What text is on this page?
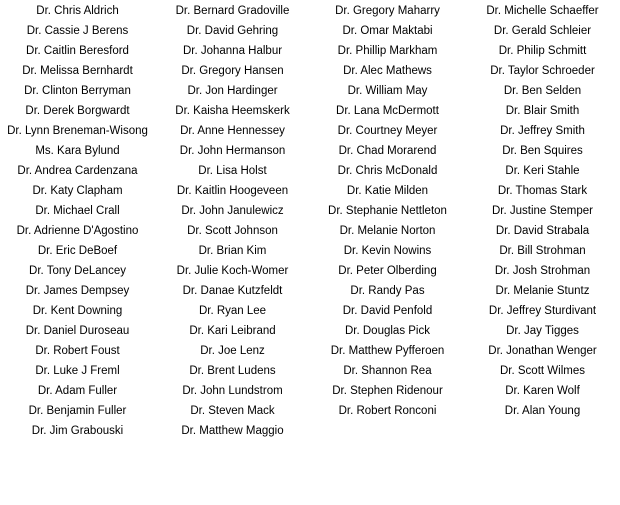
Dr. Chris Aldrich
Dr. Cassie J Berens
Dr. Caitlin Beresford
Dr. Melissa Bernhardt
Dr. Clinton Berryman
Dr. Derek Borgwardt
Dr. Lynn Breneman-Wisong
Ms. Kara Bylund
Dr. Andrea Cardenzana
Dr. Katy Clapham
Dr. Michael Crall
Dr. Adrienne D'Agostino
Dr. Eric DeBoef
Dr. Tony DeLancey
Dr. James Dempsey
Dr. Kent Downing
Dr. Daniel Duroseau
Dr. Robert Foust
Dr. Luke J Freml
Dr. Adam Fuller
Dr. Benjamin Fuller
Dr. Jim Grabouski
Dr. Bernard Gradoville
Dr. David Gehring
Dr. Johanna Halbur
Dr. Gregory Hansen
Dr. Jon Hardinger
Dr. Kaisha Heemskerk
Dr. Anne Hennessey
Dr. John Hermanson
Dr. Lisa Holst
Dr. Kaitlin Hoogeveen
Dr. John Janulewicz
Dr. Scott Johnson
Dr. Brian Kim
Dr. Julie Koch-Womer
Dr. Danae Kutzfeldt
Dr. Ryan Lee
Dr. Kari Leibrand
Dr. Joe Lenz
Dr. Brent Ludens
Dr. John Lundstrom
Dr. Steven Mack
Dr. Matthew Maggio
Dr. Gregory Maharry
Dr. Omar Maktabi
Dr. Phillip Markham
Dr. Alec Mathews
Dr. William May
Dr. Lana McDermott
Dr. Courtney Meyer
Dr. Chad Morarend
Dr. Chris McDonald
Dr. Katie Milden
Dr. Stephanie Nettleton
Dr. Melanie Norton
Dr. Kevin Nowins
Dr. Peter Olberding
Dr. Randy Pas
Dr. David Penfold
Dr. Douglas Pick
Dr. Matthew Pyfferoen
Dr. Shannon Rea
Dr. Stephen Ridenour
Dr. Robert Ronconi
Dr. Michelle Schaeffer
Dr. Gerald Schleier
Dr. Philip Schmitt
Dr. Taylor Schroeder
Dr. Ben Selden
Dr. Blair Smith
Dr. Jeffrey Smith
Dr. Ben Squires
Dr. Keri Stahle
Dr. Thomas Stark
Dr. Justine Stemper
Dr. David Strabala
Dr. Bill Strohman
Dr. Josh Strohman
Dr. Melanie Stuntz
Dr. Jeffrey Sturdivant
Dr. Jay Tigges
Dr. Jonathan Wenger
Dr. Scott Wilmes
Dr. Karen Wolf
Dr. Alan Young
